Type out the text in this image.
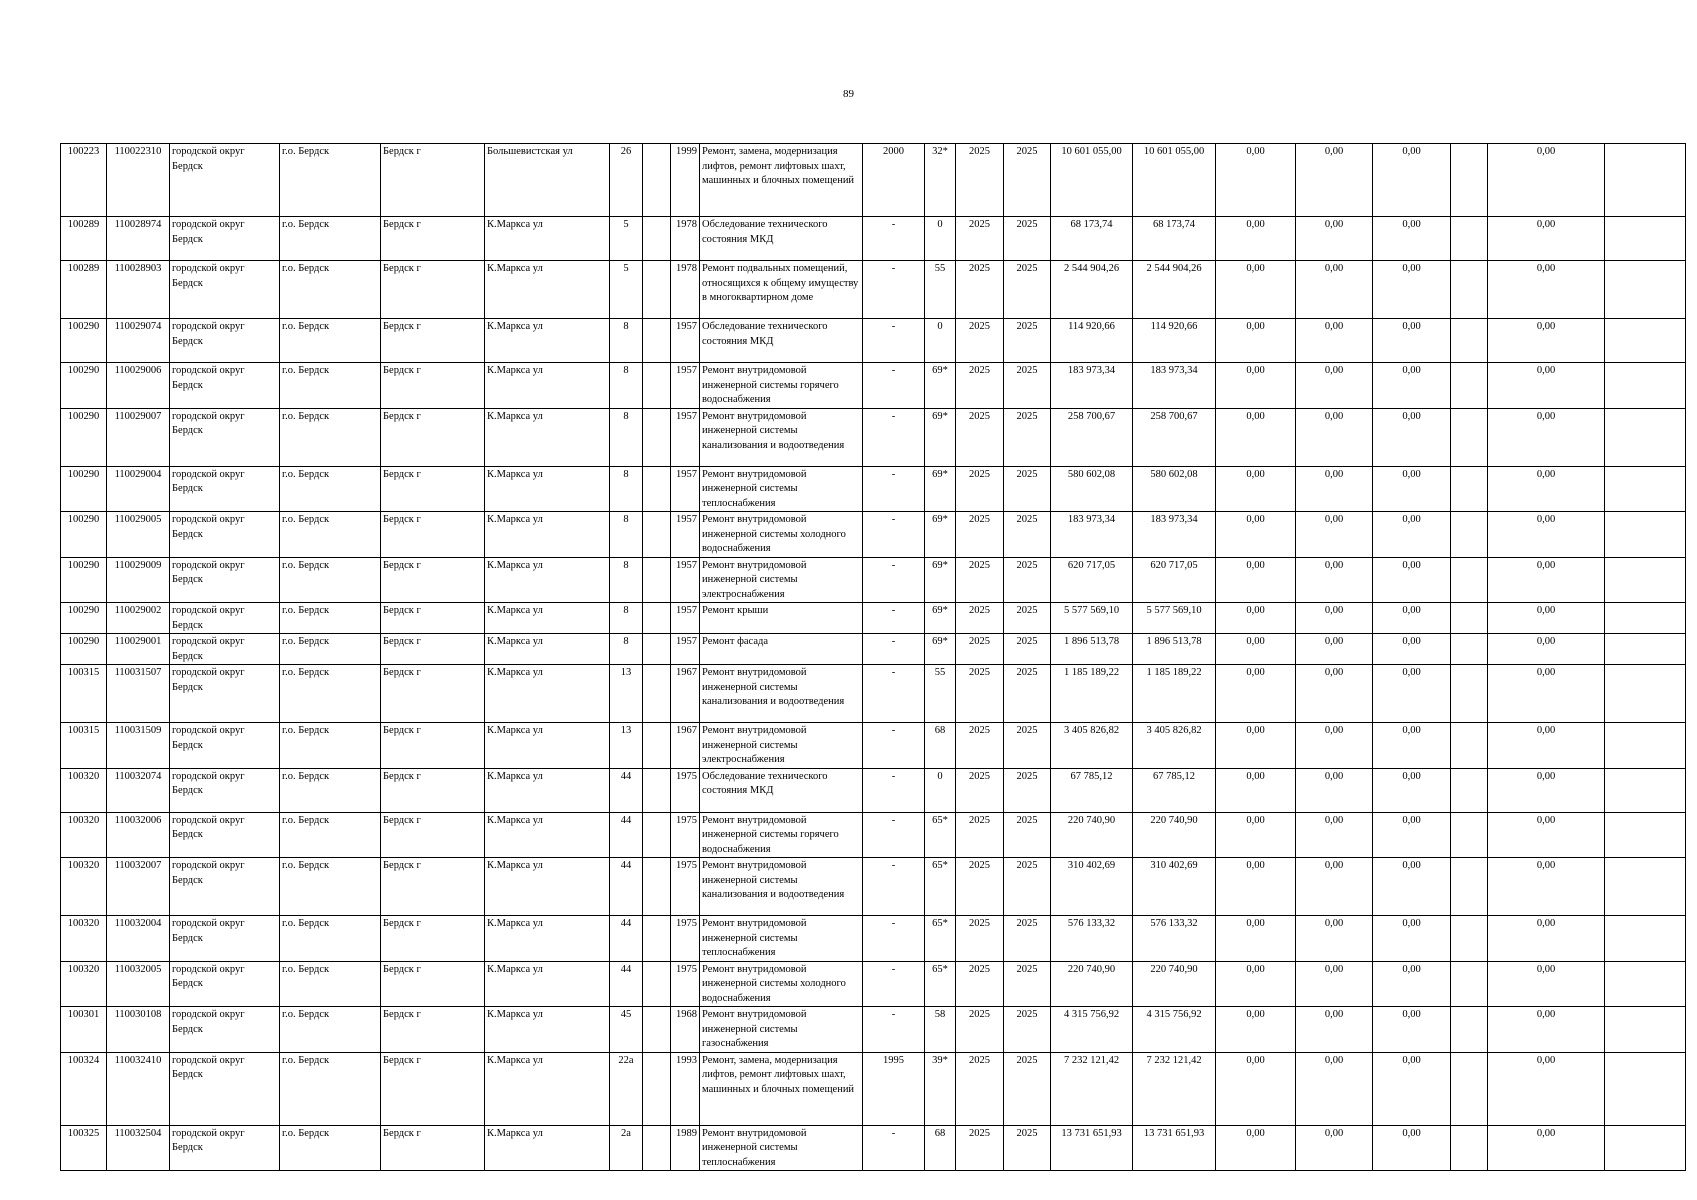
89
100223	110022310	городской округ Бердск	г.о. Бердск	Бердск г	Большевистская ул	26		1999	Ремонт, замена, модернизация лифтов, ремонт лифтовых шахт, машинных и блочных помещений	2000	32*	2025	2025	10 601 055,00	10 601 055,00	0,00	0,00	0,00		0,00	
100289	110028974	городской округ Бердск	г.о. Бердск	Бердск г	К.Маркса ул	5		1978	Обследование технического состояния МКД	-	0	2025	2025	68 173,74	68 173,74	0,00	0,00	0,00		0,00	
100289	110028903	городской округ Бердск	г.о. Бердск	Бердск г	К.Маркса ул	5		1978	Ремонт подвальных помещений, относящихся к общему имуществу в многоквартирном доме	-	55	2025	2025	2 544 904,26	2 544 904,26	0,00	0,00	0,00		0,00	
100290	110029074	городской округ Бердск	г.о. Бердск	Бердск г	К.Маркса ул	8		1957	Обследование технического состояния МКД	-	0	2025	2025	114 920,66	114 920,66	0,00	0,00	0,00		0,00	
100290	110029006	городской округ Бердск	г.о. Бердск	Бердск г	К.Маркса ул	8		1957	Ремонт внутридомовой инженерной системы горячего водоснабжения	-	69*	2025	2025	183 973,34	183 973,34	0,00	0,00	0,00		0,00	
100290	110029007	городской округ Бердск	г.о. Бердск	Бердск г	К.Маркса ул	8		1957	Ремонт внутридомовой инженерной системы канализования и водоотведения	-	69*	2025	2025	258 700,67	258 700,67	0,00	0,00	0,00		0,00	
100290	110029004	городской округ Бердск	г.о. Бердск	Бердск г	К.Маркса ул	8		1957	Ремонт внутридомовой инженерной системы теплоснабжения	-	69*	2025	2025	580 602,08	580 602,08	0,00	0,00	0,00		0,00	
100290	110029005	городской округ Бердск	г.о. Бердск	Бердск г	К.Маркса ул	8		1957	Ремонт внутридомовой инженерной системы холодного водоснабжения	-	69*	2025	2025	183 973,34	183 973,34	0,00	0,00	0,00		0,00	
100290	110029009	городской округ Бердск	г.о. Бердск	Бердск г	К.Маркса ул	8		1957	Ремонт внутридомовой инженерной системы электроснабжения	-	69*	2025	2025	620 717,05	620 717,05	0,00	0,00	0,00		0,00	
100290	110029002	городской округ Бердск	г.о. Бердск	Бердск г	К.Маркса ул	8		1957	Ремонт крыши	-	69*	2025	2025	5 577 569,10	5 577 569,10	0,00	0,00	0,00		0,00	
100290	110029001	городской округ Бердск	г.о. Бердск	Бердск г	К.Маркса ул	8		1957	Ремонт фасада	-	69*	2025	2025	1 896 513,78	1 896 513,78	0,00	0,00	0,00		0,00	
100315	110031507	городской округ Бердск	г.о. Бердск	Бердск г	К.Маркса ул	13		1967	Ремонт внутридомовой инженерной системы канализования и водоотведения	-	55	2025	2025	1 185 189,22	1 185 189,22	0,00	0,00	0,00		0,00	
100315	110031509	городской округ Бердск	г.о. Бердск	Бердск г	К.Маркса ул	13		1967	Ремонт внутридомовой инженерной системы электроснабжения	-	68	2025	2025	3 405 826,82	3 405 826,82	0,00	0,00	0,00		0,00	
100320	110032074	городской округ Бердск	г.о. Бердск	Бердск г	К.Маркса ул	44		1975	Обследование технического состояния МКД	-	0	2025	2025	67 785,12	67 785,12	0,00	0,00	0,00		0,00	
100320	110032006	городской округ Бердск	г.о. Бердск	Бердск г	К.Маркса ул	44		1975	Ремонт внутридомовой инженерной системы горячего водоснабжения	-	65*	2025	2025	220 740,90	220 740,90	0,00	0,00	0,00		0,00	
100320	110032007	городской округ Бердск	г.о. Бердск	Бердск г	К.Маркса ул	44		1975	Ремонт внутридомовой инженерной системы канализования и водоотведения	-	65*	2025	2025	310 402,69	310 402,69	0,00	0,00	0,00		0,00	
100320	110032004	городской округ Бердск	г.о. Бердск	Бердск г	К.Маркса ул	44		1975	Ремонт внутридомовой инженерной системы теплоснабжения	-	65*	2025	2025	576 133,32	576 133,32	0,00	0,00	0,00		0,00	
100320	110032005	городской округ Бердск	г.о. Бердск	Бердск г	К.Маркса ул	44		1975	Ремонт внутридомовой инженерной системы холодного водоснабжения	-	65*	2025	2025	220 740,90	220 740,90	0,00	0,00	0,00		0,00	
100301	110030108	городской округ Бердск	г.о. Бердск	Бердск г	К.Маркса ул	45		1968	Ремонт внутридомовой инженерной системы газоснабжения	-	58	2025	2025	4 315 756,92	4 315 756,92	0,00	0,00	0,00		0,00	
100324	110032410	городской округ Бердск	г.о. Бердск	Бердск г	К.Маркса ул	22а		1993	Ремонт, замена, модернизация лифтов, ремонт лифтовых шахт, машинных и блочных помещений	1995	39*	2025	2025	7 232 121,42	7 232 121,42	0,00	0,00	0,00		0,00	
100325	110032504	городской округ Бердск	г.о. Бердск	Бердск г	К.Маркса ул	2а		1989	Ремонт внутридомовой инженерной системы теплоснабжения	-	68	2025	2025	13 731 651,93	13 731 651,93	0,00	0,00	0,00		0,00	
